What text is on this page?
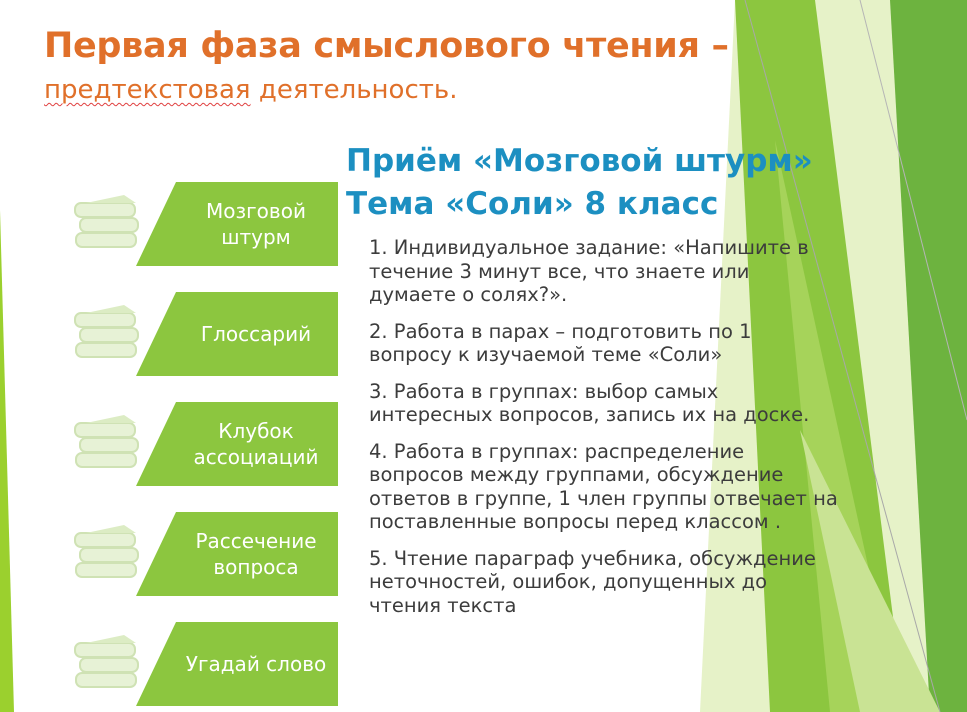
Первая фаза смыслового чтения –
предтекстовая деятельность.
Приём «Мозговой штурм»
Тема «Соли» 8 класс
1. Индивидуальное задание: «Напишите в течение 3 минут все, что знаете или думаете о солях?».
2. Работа в парах – подготовить по 1 вопросу к изучаемой теме «Соли»
3. Работа в группах: выбор самых интересных вопросов, запись их на доске.
4. Работа в группах: распределение вопросов между группами, обсуждение ответов в группе, 1 член группы отвечает на поставленные вопросы перед классом .
5. Чтение параграф учебника, обсуждение неточностей, ошибок, допущенных до чтения текста
Мозговой штурм
Глоссарий
Клубок ассоциаций
Рассечение вопроса
Угадай слово
